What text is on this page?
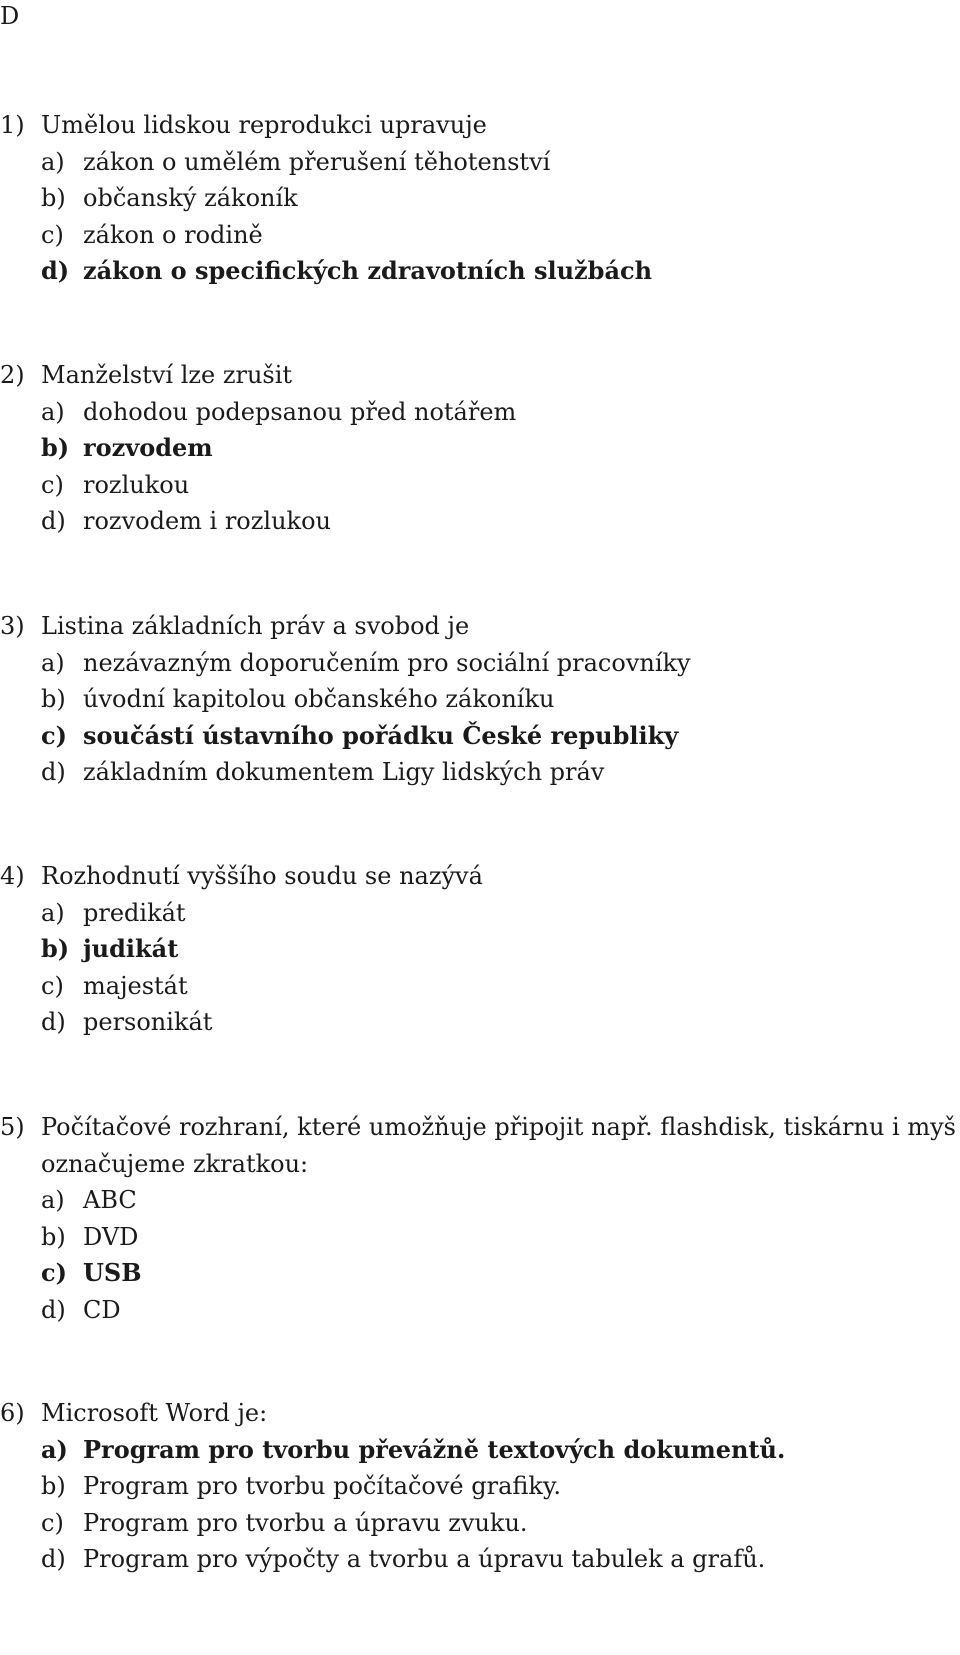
D
1) Umělou lidskou reprodukci upravuje
a) zákon o umělém přerušení těhotenství
b) občanský zákoník
c) zákon o rodině
d) zákon o specifických zdravotních službách
2) Manželství lze zrušit
a) dohodou podepsanou před notářem
b) rozvodem
c) rozlukou
d) rozvodem i rozlukou
3) Listina základních práv a svobod je
a) nezávazným doporučením pro sociální pracovníky
b) úvodní kapitolou občanského zákoníku
c) součástí ústavního pořádku České republiky
d) základním dokumentem Ligy lidských práv
4) Rozhodnutí vyššího soudu se nazývá
a) predikát
b) judikát
c) majestát
d) personikát
5) Počítačové rozhraní, které umožňuje připojit např. flashdisk, tiskárnu i myš
označujeme zkratkou:
a) ABC
b) DVD
c) USB
d) CD
6) Microsoft Word je:
a) Program pro tvorbu převážně textových dokumentů.
b) Program pro tvorbu počítačové grafiky.
c) Program pro tvorbu a úpravu zvuku.
d) Program pro výpočty a tvorbu a úpravu tabulek a grafů.
